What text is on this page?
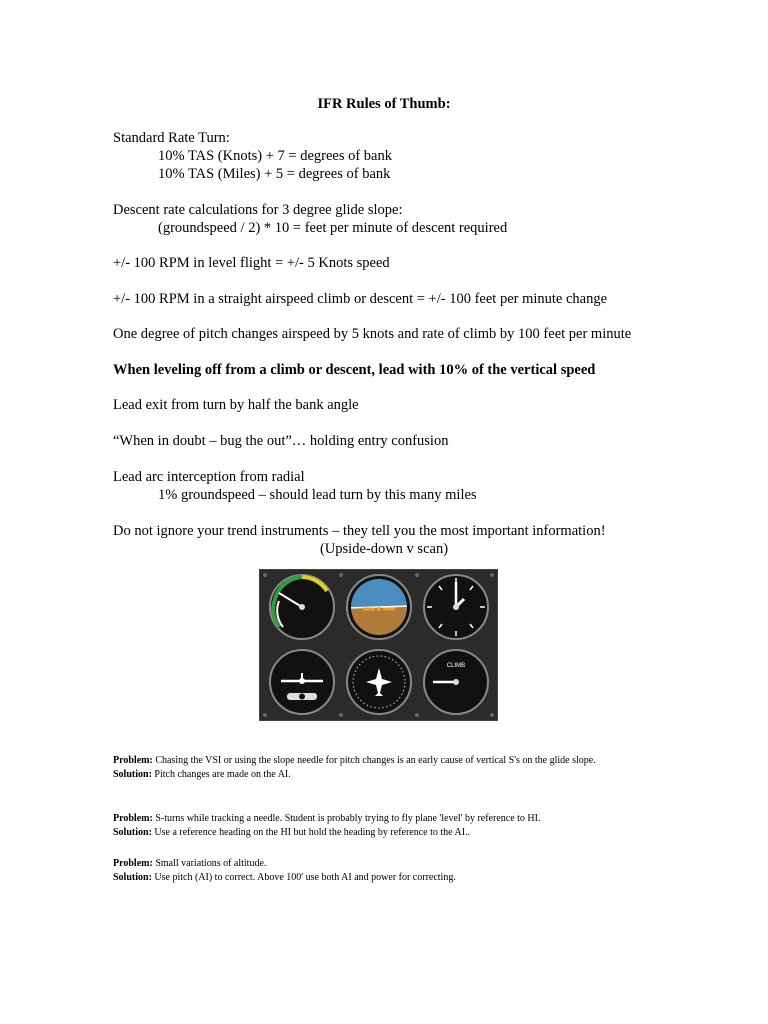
IFR Rules of Thumb:
Standard Rate Turn:
10% TAS (Knots) + 7 = degrees of bank
10% TAS (Miles) + 5 = degrees of bank
Descent rate calculations for 3 degree glide slope:
(groundspeed / 2) * 10 = feet per minute of descent required
+/- 100 RPM in level flight = +/- 5 Knots speed
+/- 100 RPM in a straight airspeed climb or descent = +/- 100 feet per minute change
One degree of pitch changes airspeed by 5 knots and rate of climb by 100 feet per minute
When leveling off from a climb or descent, lead with 10% of the vertical speed
Lead exit from turn by half the bank angle
“When in doubt – bug the out”… holding entry confusion
Lead arc interception from radial
1% groundspeed – should lead turn by this many miles
Do not ignore your trend instruments – they tell you the most important information!
(Upside-down v scan)
CLIMB
Problem: Chasing the VSI or using the slope needle for pitch changes is an early cause of vertical S's on the glide slope.
Solution: Pitch changes are made on the AI.
Problem: S-turns while tracking a needle. Student is probably trying to fly plane 'level' by reference to HI.
Solution: Use a reference heading on the HI but hold the heading by reference to the AI..
Problem: Small variations of altitude.
Solution: Use pitch (AI) to correct. Above 100' use both AI and power for correcting.
